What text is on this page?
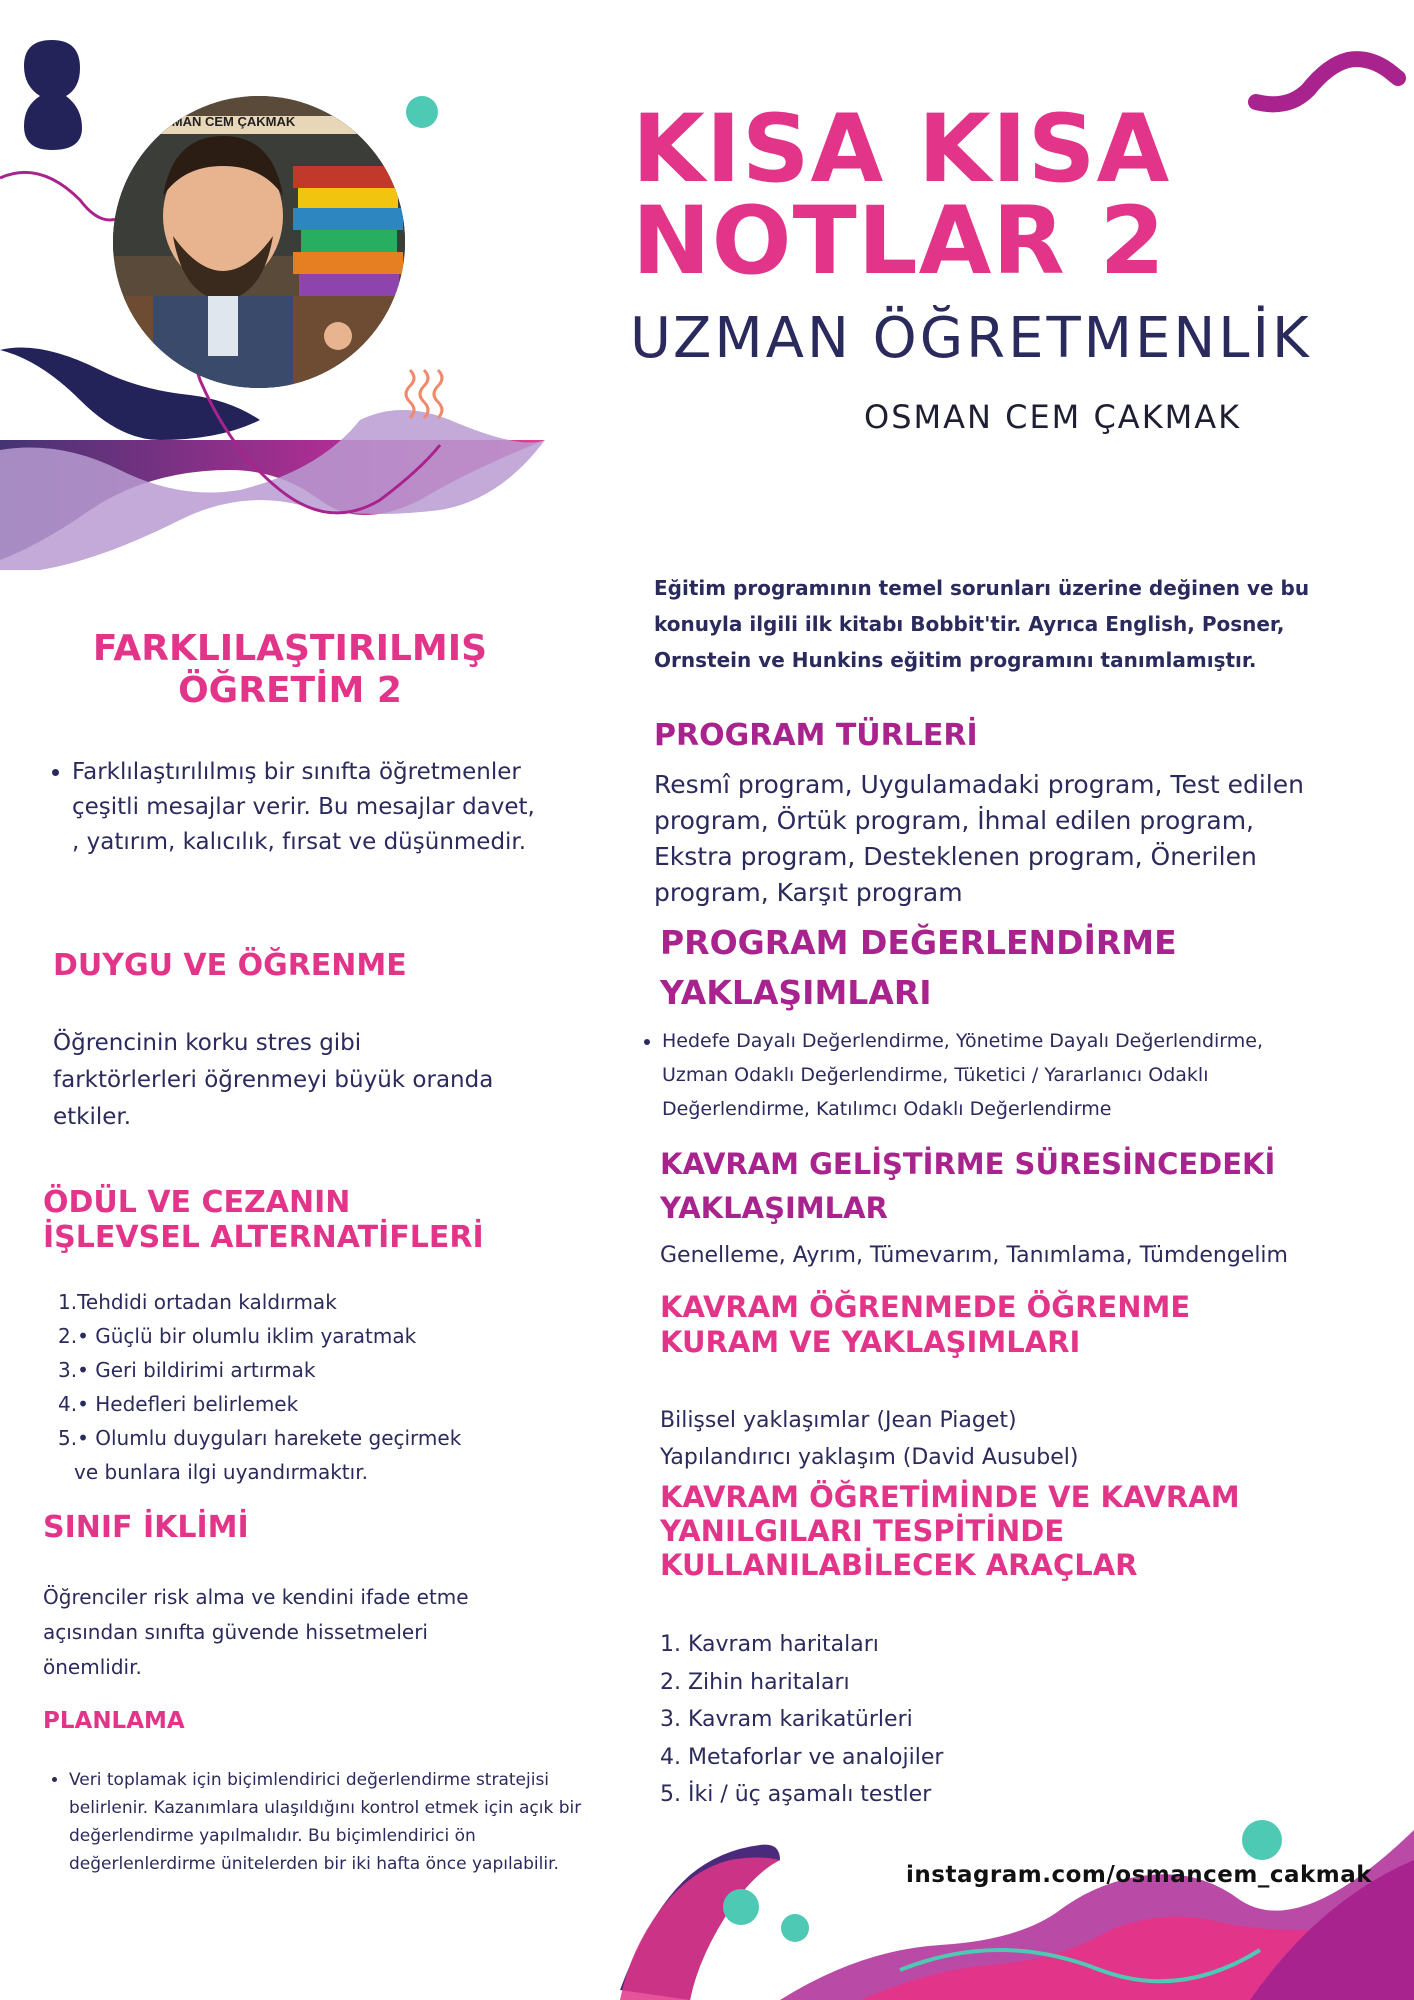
OSMAN CEM ÇAKMAK	KISA KISA
NOTLAR 2
UZMAN ÖĞRETMENLİK
OSMAN CEM ÇAKMAK
FARKLILAŞTIRILMIŞ
ÖĞRETİM 2
• Farklılaştırılılmış bir sınıfta öğretmenler
çeşitli mesajlar verir. Bu mesajlar davet,
, yatırım, kalıcılık, fırsat ve düşünmedir.
DUYGU VE ÖĞRENME
Öğrencinin korku stres gibi
farktörlerleri öğrenmeyi büyük oranda
etkiler.
ÖDÜL VE CEZANIN
İŞLEVSEL ALTERNATİFLERİ
1.Tehdidi ortadan kaldırmak
2.• Güçlü bir olumlu iklim yaratmak
3.• Geri bildirimi artırmak
4.• Hedefleri belirlemek
5.• Olumlu duyguları harekete geçirmek
ve bunlara ilgi uyandırmaktır.
SINIF İKLİMİ
Öğrenciler risk alma ve kendini ifade etme
açısından sınıfta güvende hissetmeleri
önemlidir.
PLANLAMA
• Veri toplamak için biçimlendirici değerlendirme stratejisi
belirlenir. Kazanımlara ulaşıldığını kontrol etmek için açık bir
değerlendirme yapılmalıdır. Bu biçimlendirici ön
değerlenlerdirme ünitelerden bir iki hafta önce yapılabilir.
Eğitim programının temel sorunları üzerine değinen ve bu
konuyla ilgili ilk kitabı Bobbit'tir. Ayrıca English, Posner,
Ornstein ve Hunkins eğitim programını tanımlamıştır.
PROGRAM TÜRLERİ
Resmî program, Uygulamadaki program, Test edilen
program, Örtük program, İhmal edilen program,
Ekstra program, Desteklenen program, Önerilen
program, Karşıt program
PROGRAM DEĞERLENDİRME
YAKLAŞIMLARI
• Hedefe Dayalı Değerlendirme, Yönetime Dayalı Değerlendirme,
Uzman Odaklı Değerlendirme, Tüketici / Yararlanıcı Odaklı
Değerlendirme, Katılımcı Odaklı Değerlendirme
KAVRAM GELİŞTİRME SÜRESİNCEDEKİ
YAKLAŞIMLAR
Genelleme, Ayrım, Tümevarım, Tanımlama, Tümdengelim
KAVRAM ÖĞRENMEDE ÖĞRENME
KURAM VE YAKLAŞIMLARI
Bilişsel yaklaşımlar (Jean Piaget)
Yapılandırıcı yaklaşım (David Ausubel)
KAVRAM ÖĞRETİMİNDE VE KAVRAM
YANILGILARI TESPİTİNDE
KULLANILABİLECEK ARAÇLAR
1. Kavram haritaları
2. Zihin haritaları
3. Kavram karikatürleri
4. Metaforlar ve analojiler
5. İki / üç aşamalı testler
instagram.com/osmancem_cakmak
